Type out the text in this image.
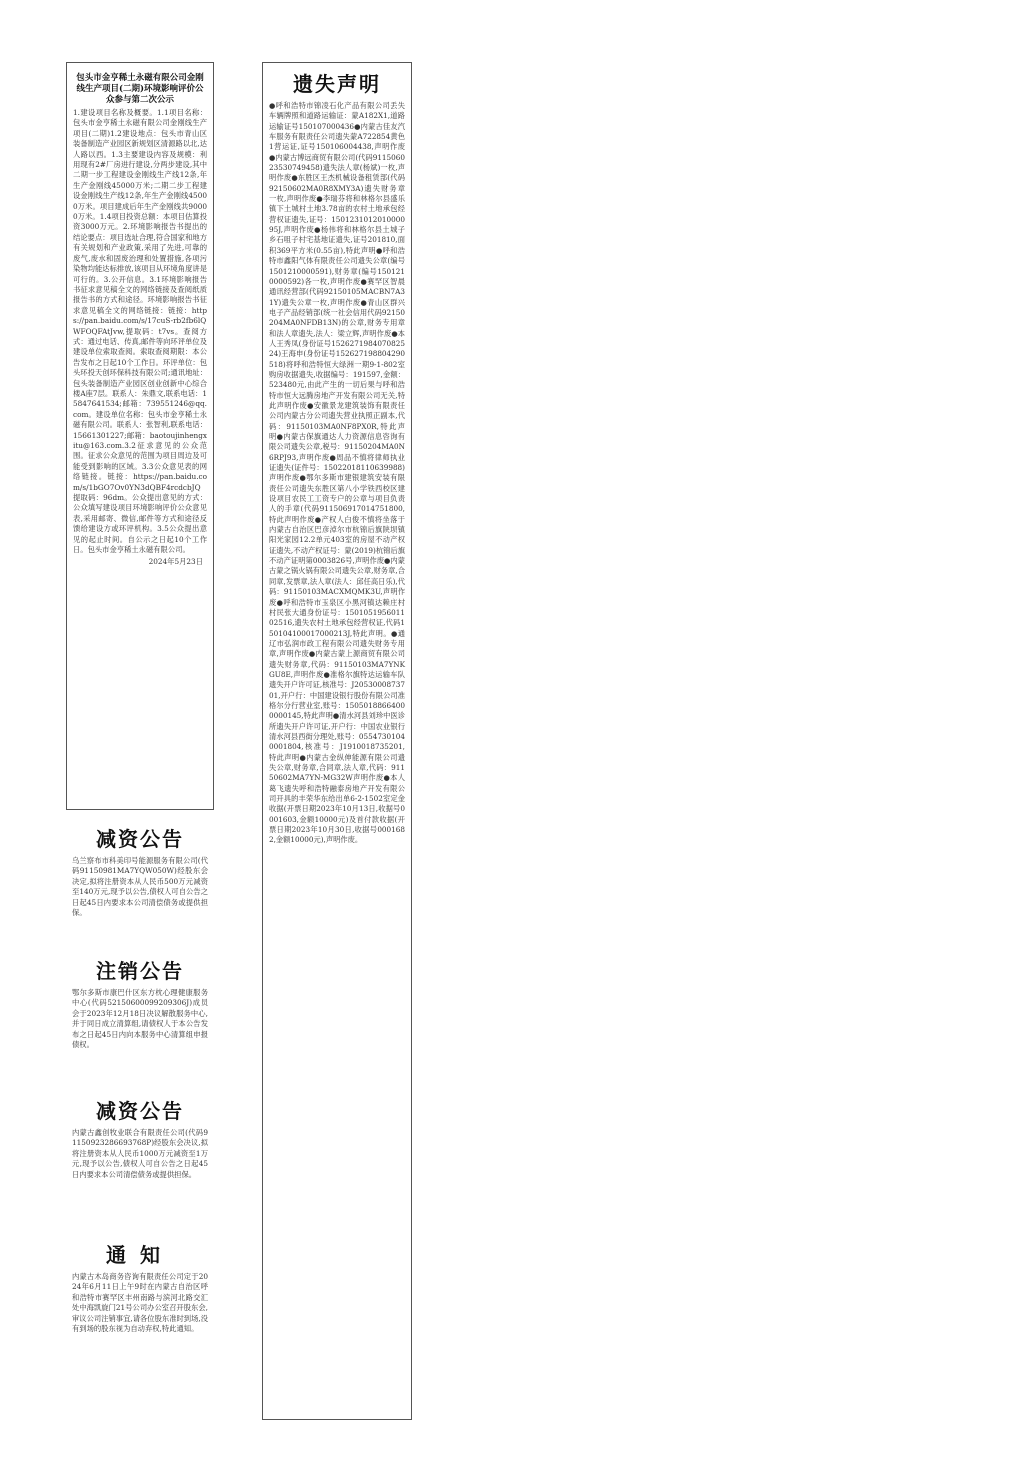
包头市金亨稀土永磁有限公司金刚线生产项目(二期)环境影响评价公众参与第二次公示
1.建设项目名称及概要。1.1项目名称：包头市金亨稀土永磁有限公司金刚线生产项目(二期)1.2建设地点：包头市青山区装备制造产业园区新规划区清源路以北,达人路以西。1.3主要建设内容及规模：利用现有2#厂房进行建设,分两步建设,其中二期一步工程建设金刚线生产线12条,年生产金刚线45000万米;二期二步工程建设金刚线生产线12条,年生产金刚线45000万米。项目建成后年生产金刚线共90000万米。1.4项目投资总额：本项目估算投资3000万元。2.环境影响报告书提出的结论要点：项目选址合理,符合国家和地方有关规划和产业政策,采用了先进,可靠的废气,废水和固废治理和处置措施,各项污染物均能达标排放,该项目从环境角度讲是可行的。3.公开信息。3.1环境影响报告书征求意见稿全文的网络链接及查阅纸质报告书的方式和途径。环境影响报告书征求意见稿全文的网络链接：链接：https://pan.baidu.com/s/17cuS-rb2fb6lQWFOQFAtJvw,提取码：t7vs。查阅方式：通过电话、传真,邮件等向环评单位及建设单位索取查阅。索取查阅期限：本公告发布之日起10个工作日。环评单位：包头环投天创环保科技有限公司;通讯地址：包头装备制造产业园区创业创新中心综合楼A座7层。联系人：朱鼎文,联系电话：15847641534;邮箱：739551246@qq.com。建设单位名称：包头市金亨稀土永磁有限公司。联系人：张智利,联系电话：15661301227;邮箱：baotoujinhengxitu@163.com.3.2征求意见的公众范围。征求公众意见的范围为项目周边及可能受到影响的区域。3.3公众意见表的网络链接。链接：https://pan.baidu.com/s/1bGO7Ov0YN3dQBF4rcdcbJQ提取码：96dm。公众提出意见的方式：公众填写建设项目环境影响评价公众意见表,采用邮寄、微信,邮件等方式和途径反馈给建设方或环评机构。3.5公众提出意见的起止时间。自公示之日起10个工作日。包头市金亨稀土永磁有限公司。
2024年5月23日
减资公告
乌兰察布市科美印号能源服务有限公司(代码91150981MA7YQW050W)经股东会决定,拟将注册资本从人民币500万元减资至140万元,现予以公告,债权人可自公告之日起45日内要求本公司清偿债务或提供担保。
注销公告
鄂尔多斯市康巴什区东方枕心理健康服务中心(代码52150600099209306J)成员会于2023年12月18日决议解散服务中心,并于同日成立清算组,请债权人于本公告发布之日起45日内向本服务中心清算组申报债权。
减资公告
内蒙古鑫创牧业联合有限责任公司(代码91150923286693768P)经股东会决议,拟将注册资本从人民币1000万元减资至1万元,现予以公告,债权人可自公告之日起45日内要求本公司清偿债务或提供担保。
通知
内蒙古木岛商务咨询有限责任公司定于2024年6月11日上午9时在内蒙古自治区呼和浩特市赛罕区丰州南路与滨河北路交汇处中海凯旋门21号公司办公室召开股东会,审议公司注销事宜,请各位股东准时到场,没有到场的股东视为自动弃权,特此通知。
遗失声明
●呼和浩特市锦凌石化产品有限公司丢失车辆牌照和道路运输证：蒙A182X1,道路运输证号150107000436●内蒙古佳友汽车服务有限责任公司遗失蒙A722854黄色1营运证,证号150106004438,声明作废●内蒙古博远商贸有限公司(代码911506023530749458)遗失法人章(杨斌)一枚,声明作废●东胜区王杰机械设备租赁部(代码92150602MA0R8XMY3A)遗失财务章一枚,声明作废●李瑞芬将和林格尔县盛乐镇下土城村土地3.78亩的农村土地承包经营权证遗失,证号：150123101201000095J,声明作废●杨伟将和林格尔县土城子乡石咀子村宅基地证遗失,证号201810,面积369平方米(0.55亩),特此声明●呼和浩特市鑫阳气体有限责任公司遗失公章(编号1501210000591),财务章(编号1501210000592)各一枚,声明作废●赛罕区智晨通讯经营部(代码92150105MACBN7A31Y)遗失公章一枚,声明作废●青山区群兴电子产品经销部(统一社会信用代码92150204MA0NFDB13N)的公章,财务专用章和法人章遗失,法人：梁立辉,声明作废●本人王秀凤(身份证号152627198407082524)王海申(身份证号152627198804290518)将呼和浩特恒大绿洲一期9-1-802室购房收据遗失,收据编号：191597,金额：523480元,由此产生的一切后果与呼和浩特市恒大远腾房地产开发有限公司无关,特此声明作废●安徽景龙建筑装饰有限责任公司内蒙古分公司遗失营业执照正副本,代码：91150103MA0NF8PX0R,特此声明●内蒙古保旗通达人力资源信息咨询有限公司遗失公章,税号：91150204MA0N6RPJ93,声明作废●周品不慎将律师执业证遗失(证件号：15022018110639988)声明作废●鄂尔多斯市建银建筑安装有限责任公司遗失东胜区第八小学铁西校区建设项目农民工工资专户的公章与项目负责人的手章(代码911506917014751800,特此声明作废●产权人白俊不慎将坐落于内蒙古自治区巴彦淖尔市杭锦后旗陕坝镇阳光家园12.2单元403室的房屋不动产权证遗失,不动产权证号：蒙(2019)杭锦后旗不动产证明第0003826号,声明作废●内蒙古蒙之锅火锅有限公司遗失公章,财务章,合同章,发票章,法人章(法人：邱任高日乐),代码：91150103MACXMQMK3U,声明作废●呼和浩特市玉泉区小黑河镇达赖庄村村民张大通身份证号：150105195601102516,遗失农村土地承包经营权证,代码150104100017000213J,特此声明。●通辽市弘润市政工程有限公司遗失财务专用章,声明作废●内蒙古蒙上源商贸有限公司遗失财务章,代码：91150103MA7YNKGU8E,声明作废●准格尔旗特达运输车队遗失开户许可证,核准号：J2053000873701,开户行：中国建设银行股份有限公司准格尔分行营业室,账号：15050188664000000145,特此声明●清水河县刘珍中医诊所遗失开户许可证,开户行：中国农业银行清水河县西街分理处,账号：05547301040001804,核准号：J1910018735201,特此声明●内蒙古金纵伸能源有限公司遗失公章,财务章,合同章,法人章,代码：91150602MA7YN-MG32W声明作废●本人葛飞遗失呼和浩特融泰房地产开发有限公司开具的丰荣华东给出单6-2-1502室定金收据(开票日期2023年10月13日,收据号0001603,金额10000元)及首付款收据(开票日期2023年10月30日,收据号0001682,金额10000元),声明作废。
